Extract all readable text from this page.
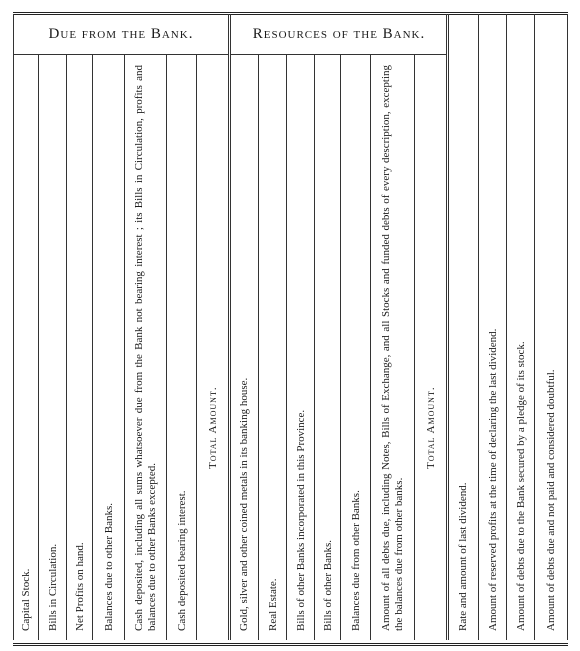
Due from the Bank.	Resources of the Bank.
Capital Stock. Bills in Circulation. Net Profits on hand. Balances due to other Banks. Cash deposited, including all sums whatsoever due from the Bank not bearing interest ; its Bills in Circulation, profits and balances due to other Banks excepted. Cash deposited bearing interest.
Total Amount. Gold, silver and other coined metals in its banking house. Real Estate. Bills of other Banks incorporated in this Province. Bills of other Banks. Balances due from other Banks. Amount of all debts due, including Notes, Bills of Exchange, and all Stocks and funded debts of every description, excepting the balances due from other banks.
Total Amount.
Rate and amount of last dividend. Amount of reserved profits at the time of declaring the last dividend. Amount of debts due to the Bank secured by a pledge of its stock. Amount of debts due and not paid and considered doubtful.
